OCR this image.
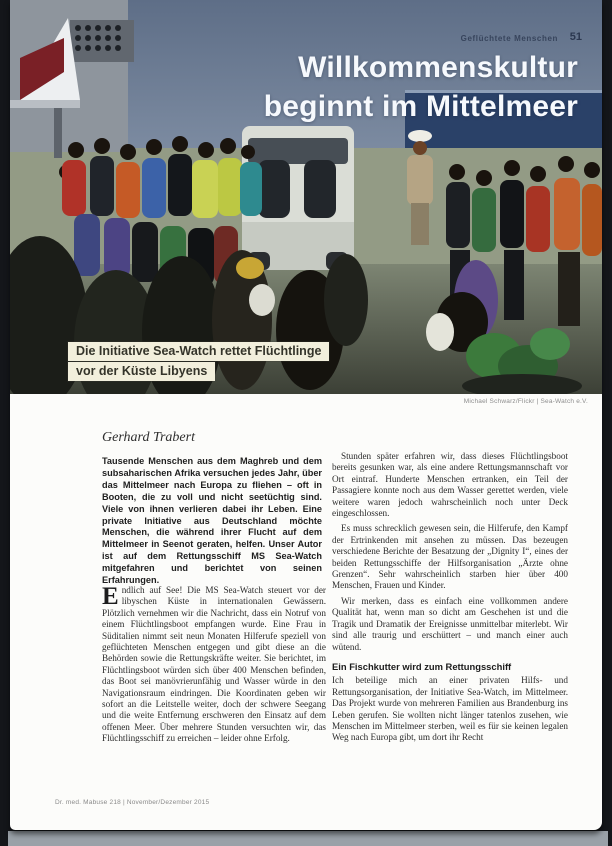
Geflüchtete Menschen 51
Willkommenskultur
beginnt im Mittelmeer
Die Initiative Sea-Watch rettet Flüchtlinge
vor der Küste Libyens
Michael Schwarz/Flickr | Sea-Watch e.V.
Gerhard Trabert
Tausende Menschen aus dem Maghreb und dem subsaharischen Afrika versuchen jedes Jahr, über das Mittelmeer nach Europa zu fliehen – oft in Booten, die zu voll und nicht seetüchtig sind. Viele von ihnen verlieren dabei ihr Leben. Eine private Initiative aus Deutschland möchte Menschen, die während ihrer Flucht auf dem Mittelmeer in Seenot geraten, helfen. Unser Autor ist auf dem Rettungsschiff MS Sea-Watch mitgefahren und berichtet von seinen Erfahrungen.

Endlich auf See! Die MS Sea-Watch steuert vor der libyschen Küste in internationalen Gewässern. Plötzlich vernehmen wir die Nachricht, dass ein Notruf von einem Flüchtlingsboot empfangen wurde. Eine Frau in Süditalien nimmt seit neun Monaten Hilferufe speziell von geflüchteten Menschen entgegen und gibt diese an die Behörden sowie die Rettungskräfte weiter. Sie berichtet, im Flüchtlingsboot würden sich über 400 Menschen befinden, das Boot sei manövrierunfähig und Wasser würde in den Navigationsraum eindringen. Die Koordinaten geben wir sofort an die Leitstelle weiter, doch der schwere Seegang und die weite Entfernung erschweren den Einsatz auf dem offenen Meer. Über mehrere Stunden versuchten wir, das Flüchtlingsschiff zu erreichen – leider ohne Erfolg.

Stunden später erfahren wir, dass dieses Flüchtlingsboot bereits gesunken war, als eine andere Rettungsmannschaft vor Ort eintraf. Hunderte Menschen ertranken, ein Teil der Passagiere konnte noch aus dem Wasser gerettet werden, viele weitere waren jedoch wahrscheinlich noch unter Deck eingeschlossen.

Es muss schrecklich gewesen sein, die Hilferufe, den Kampf der Ertrinkenden mit ansehen zu müssen. Das bezeugen verschiedene Berichte der Besatzung der „Dignity I“, eines der beiden Rettungsschiffe der Hilfsorganisation „Ärzte ohne Grenzen“. Sehr wahrscheinlich starben hier über 400 Menschen, Frauen und Kinder.

Wir merken, dass es einfach eine vollkommen andere Qualität hat, wenn man so dicht am Geschehen ist und die Tragik und Dramatik der Ereignisse unmittelbar miterlebt. Wir sind alle traurig und erschüttert – und manch einer auch wütend.

Ein Fischkutter wird zum Rettungsschiff

Ich beteilige mich an einer privaten Hilfs- und Rettungsorganisation, der Initiative Sea-Watch, im Mittelmeer. Das Projekt wurde von mehreren Familien aus Brandenburg ins Leben gerufen. Sie wollten nicht länger tatenlos zusehen, wie Menschen im Mittelmeer sterben, weil es für sie keinen legalen Weg nach Europa gibt, um dort ihr Recht

Dr. med. Mabuse 218 | November/Dezember 2015
